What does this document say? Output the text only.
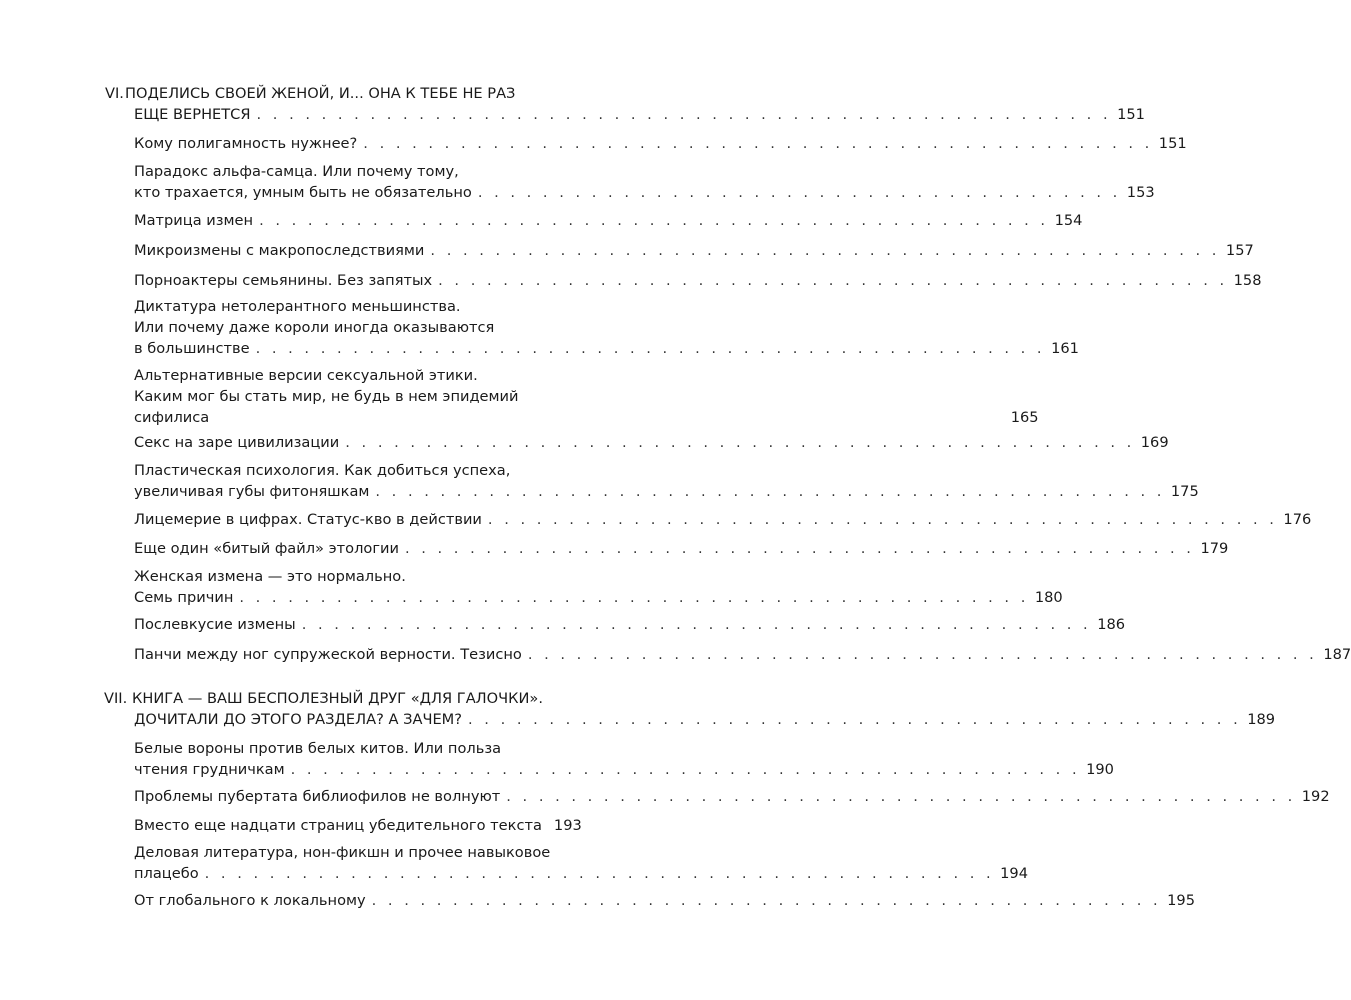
VI. ПОДЕЛИСЬ СВОЕЙ ЖЕНОЙ, И... ОНА К ТЕБЕ НЕ РАЗ
ЕЩЕ ВЕРНЕТСЯ . . . . . . . . . . . . . . . . . . . . . . . . . . . . . . . . . . . . . . . . . . . . . . . . . . . . . 151
Кому полигамность нужнее? . . . . . . . . . . . . . . . . . . . . . . . . . . . . . . . . . . . . . . . . . . . . . . . . . 151
Парадокс альфа-самца. Или почему тому,
кто трахается, умным быть не обязательно . . . . . . . . . . . . . . . . . . . . . . . . . . . . . . . . . . . . . . . . 153
Матрица измен . . . . . . . . . . . . . . . . . . . . . . . . . . . . . . . . . . . . . . . . . . . . . . . . . 154
Микроизмены с макропоследствиями . . . . . . . . . . . . . . . . . . . . . . . . . . . . . . . . . . . . . . . . . . . . . . . . . 157
Порноактеры семьянины. Без запятых . . . . . . . . . . . . . . . . . . . . . . . . . . . . . . . . . . . . . . . . . . . . . . . . . 158
Диктатура нетолерантного меньшинства.
Или почему даже короли иногда оказываются
в большинстве . . . . . . . . . . . . . . . . . . . . . . . . . . . . . . . . . . . . . . . . . . . . . . . . . 161
Альтернативные версии сексуальной этики.
Каким мог бы стать мир, не будь в нем эпидемий
сифилиса	165
Секс на заре цивилизации . . . . . . . . . . . . . . . . . . . . . . . . . . . . . . . . . . . . . . . . . . . . . . . . . 169
Пластическая психология. Как добиться успеха,
увеличивая губы фитоняшкам . . . . . . . . . . . . . . . . . . . . . . . . . . . . . . . . . . . . . . . . . . . . . . . . . 175
Лицемерие в цифрах. Статус-кво в действии . . . . . . . . . . . . . . . . . . . . . . . . . . . . . . . . . . . . . . . . . . . . . . . . . 176
Еще один «битый файл» этологии . . . . . . . . . . . . . . . . . . . . . . . . . . . . . . . . . . . . . . . . . . . . . . . . . 179
Женская измена — это нормально.
Семь причин . . . . . . . . . . . . . . . . . . . . . . . . . . . . . . . . . . . . . . . . . . . . . . . . . 180
Послевкусие измены . . . . . . . . . . . . . . . . . . . . . . . . . . . . . . . . . . . . . . . . . . . . . . . . . 186
Панчи между ног супружеской верности. Тезисно . . . . . . . . . . . . . . . . . . . . . . . . . . . . . . . . . . . . . . . . . . . . . . . . . 187
VII. КНИГА — ВАШ БЕСПОЛЕЗНЫЙ ДРУГ «ДЛЯ ГАЛОЧКИ».
ДОЧИТАЛИ ДО ЭТОГО РАЗДЕЛА? А ЗАЧЕМ? . . . . . . . . . . . . . . . . . . . . . . . . . . . . . . . . . . . . . . . . . . . . . . . . 189
Белые вороны против белых китов. Или польза
чтения грудничкам . . . . . . . . . . . . . . . . . . . . . . . . . . . . . . . . . . . . . . . . . . . . . . . . . 190
Проблемы пубертата библиофилов не волнуют . . . . . . . . . . . . . . . . . . . . . . . . . . . . . . . . . . . . . . . . . . . . . . . . . 192
Вместо еще надцати страниц убедительного текста 193
Деловая литература, нон-фикшн и прочее навыковое
плацебо . . . . . . . . . . . . . . . . . . . . . . . . . . . . . . . . . . . . . . . . . . . . . . . . . 194
От глобального к локальному . . . . . . . . . . . . . . . . . . . . . . . . . . . . . . . . . . . . . . . . . . . . . . . . . 195
